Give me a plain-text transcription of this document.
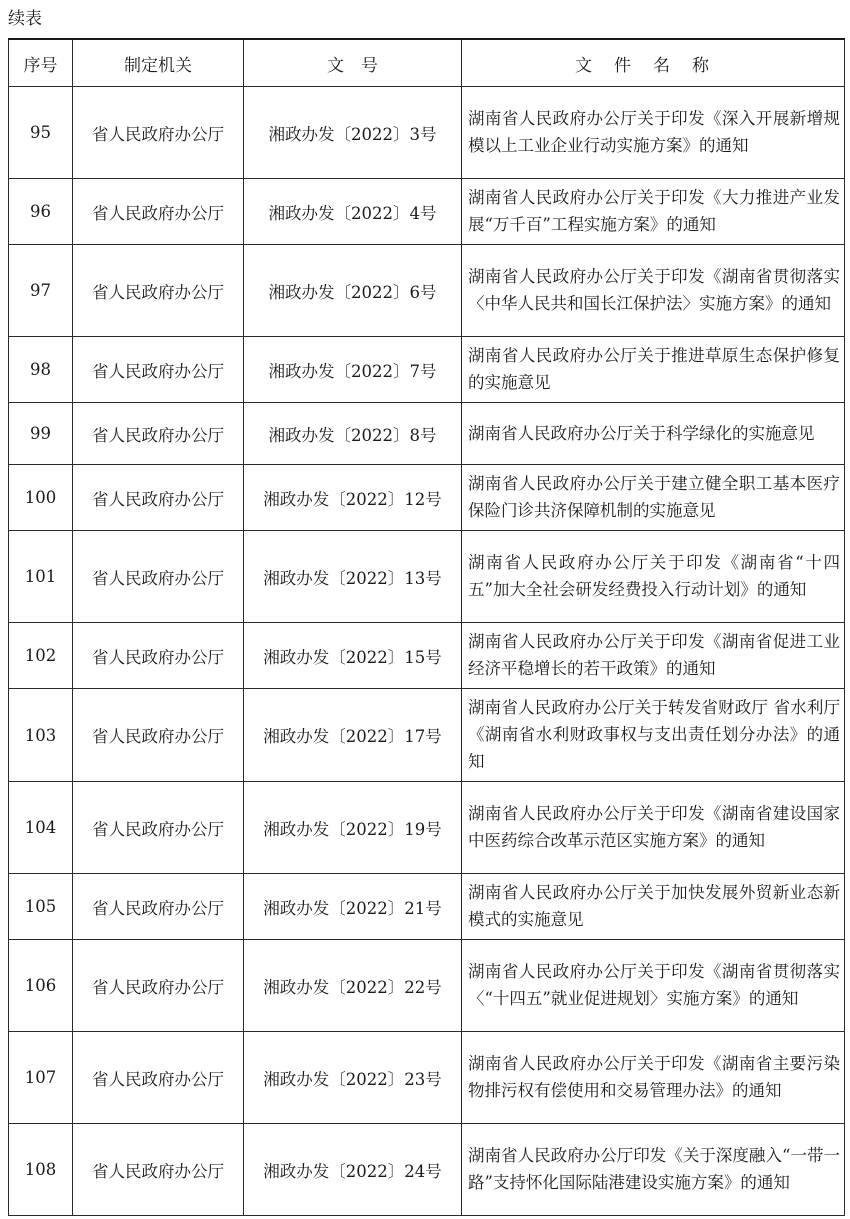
续表
序号	制定机关	文　号	文件名称
95	省人民政府办公厅	湘政办发〔2022〕3号	湖南省人民政府办公厅关于印发《深入开展新增规模以上工业企业行动实施方案》的通知
96	省人民政府办公厅	湘政办发〔2022〕4号	湖南省人民政府办公厅关于印发《大力推进产业发展“万千百”工程实施方案》的通知
97	省人民政府办公厅	湘政办发〔2022〕6号	湖南省人民政府办公厅关于印发《湖南省贯彻落实〈中华人民共和国长江保护法〉实施方案》的通知
98	省人民政府办公厅	湘政办发〔2022〕7号	湖南省人民政府办公厅关于推进草原生态保护修复的实施意见
99	省人民政府办公厅	湘政办发〔2022〕8号	湖南省人民政府办公厅关于科学绿化的实施意见
100	省人民政府办公厅	湘政办发〔2022〕12号	湖南省人民政府办公厅关于建立健全职工基本医疗保险门诊共济保障机制的实施意见
101	省人民政府办公厅	湘政办发〔2022〕13号	湖南省人民政府办公厅关于印发《湖南省“十四五”加大全社会研发经费投入行动计划》的通知
102	省人民政府办公厅	湘政办发〔2022〕15号	湖南省人民政府办公厅关于印发《湖南省促进工业经济平稳增长的若干政策》的通知
103	省人民政府办公厅	湘政办发〔2022〕17号	湖南省人民政府办公厅关于转发省财政厅 省水利厅《湖南省水利财政事权与支出责任划分办法》的通知
104	省人民政府办公厅	湘政办发〔2022〕19号	湖南省人民政府办公厅关于印发《湖南省建设国家中医药综合改革示范区实施方案》的通知
105	省人民政府办公厅	湘政办发〔2022〕21号	湖南省人民政府办公厅关于加快发展外贸新业态新模式的实施意见
106	省人民政府办公厅	湘政办发〔2022〕22号	湖南省人民政府办公厅关于印发《湖南省贯彻落实〈“十四五”就业促进规划〉实施方案》的通知
107	省人民政府办公厅	湘政办发〔2022〕23号	湖南省人民政府办公厅关于印发《湖南省主要污染物排污权有偿使用和交易管理办法》的通知
108	省人民政府办公厅	湘政办发〔2022〕24号	湖南省人民政府办公厅印发《关于深度融入“一带一路”支持怀化国际陆港建设实施方案》的通知
